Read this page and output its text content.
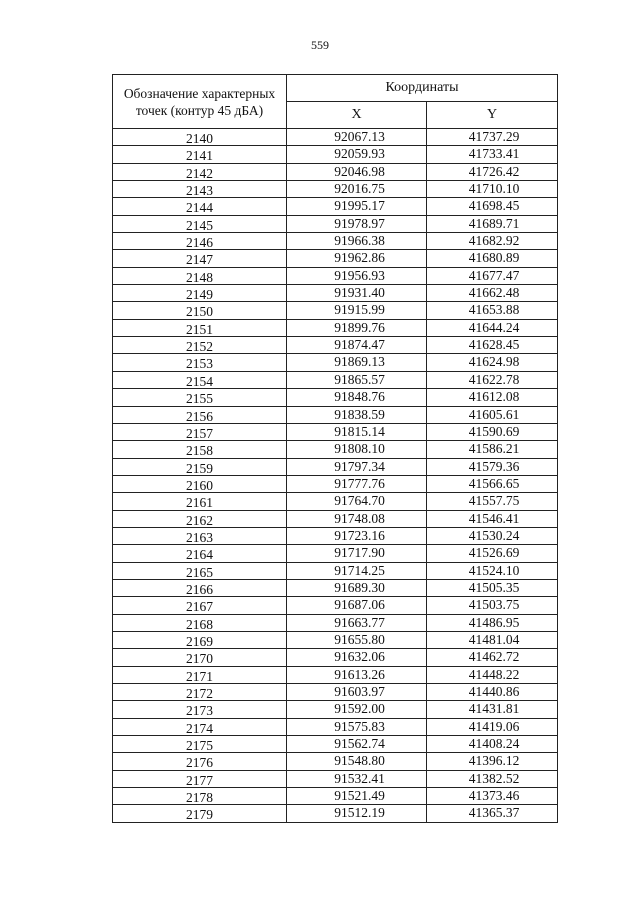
559
Обозначение характерных точек (контур 45 дБА)	Координаты	
	X	Y
2140	92067.13	41737.29
2141	92059.93	41733.41
2142	92046.98	41726.42
2143	92016.75	41710.10
2144	91995.17	41698.45
2145	91978.97	41689.71
2146	91966.38	41682.92
2147	91962.86	41680.89
2148	91956.93	41677.47
2149	91931.40	41662.48
2150	91915.99	41653.88
2151	91899.76	41644.24
2152	91874.47	41628.45
2153	91869.13	41624.98
2154	91865.57	41622.78
2155	91848.76	41612.08
2156	91838.59	41605.61
2157	91815.14	41590.69
2158	91808.10	41586.21
2159	91797.34	41579.36
2160	91777.76	41566.65
2161	91764.70	41557.75
2162	91748.08	41546.41
2163	91723.16	41530.24
2164	91717.90	41526.69
2165	91714.25	41524.10
2166	91689.30	41505.35
2167	91687.06	41503.75
2168	91663.77	41486.95
2169	91655.80	41481.04
2170	91632.06	41462.72
2171	91613.26	41448.22
2172	91603.97	41440.86
2173	91592.00	41431.81
2174	91575.83	41419.06
2175	91562.74	41408.24
2176	91548.80	41396.12
2177	91532.41	41382.52
2178	91521.49	41373.46
2179	91512.19	41365.37
